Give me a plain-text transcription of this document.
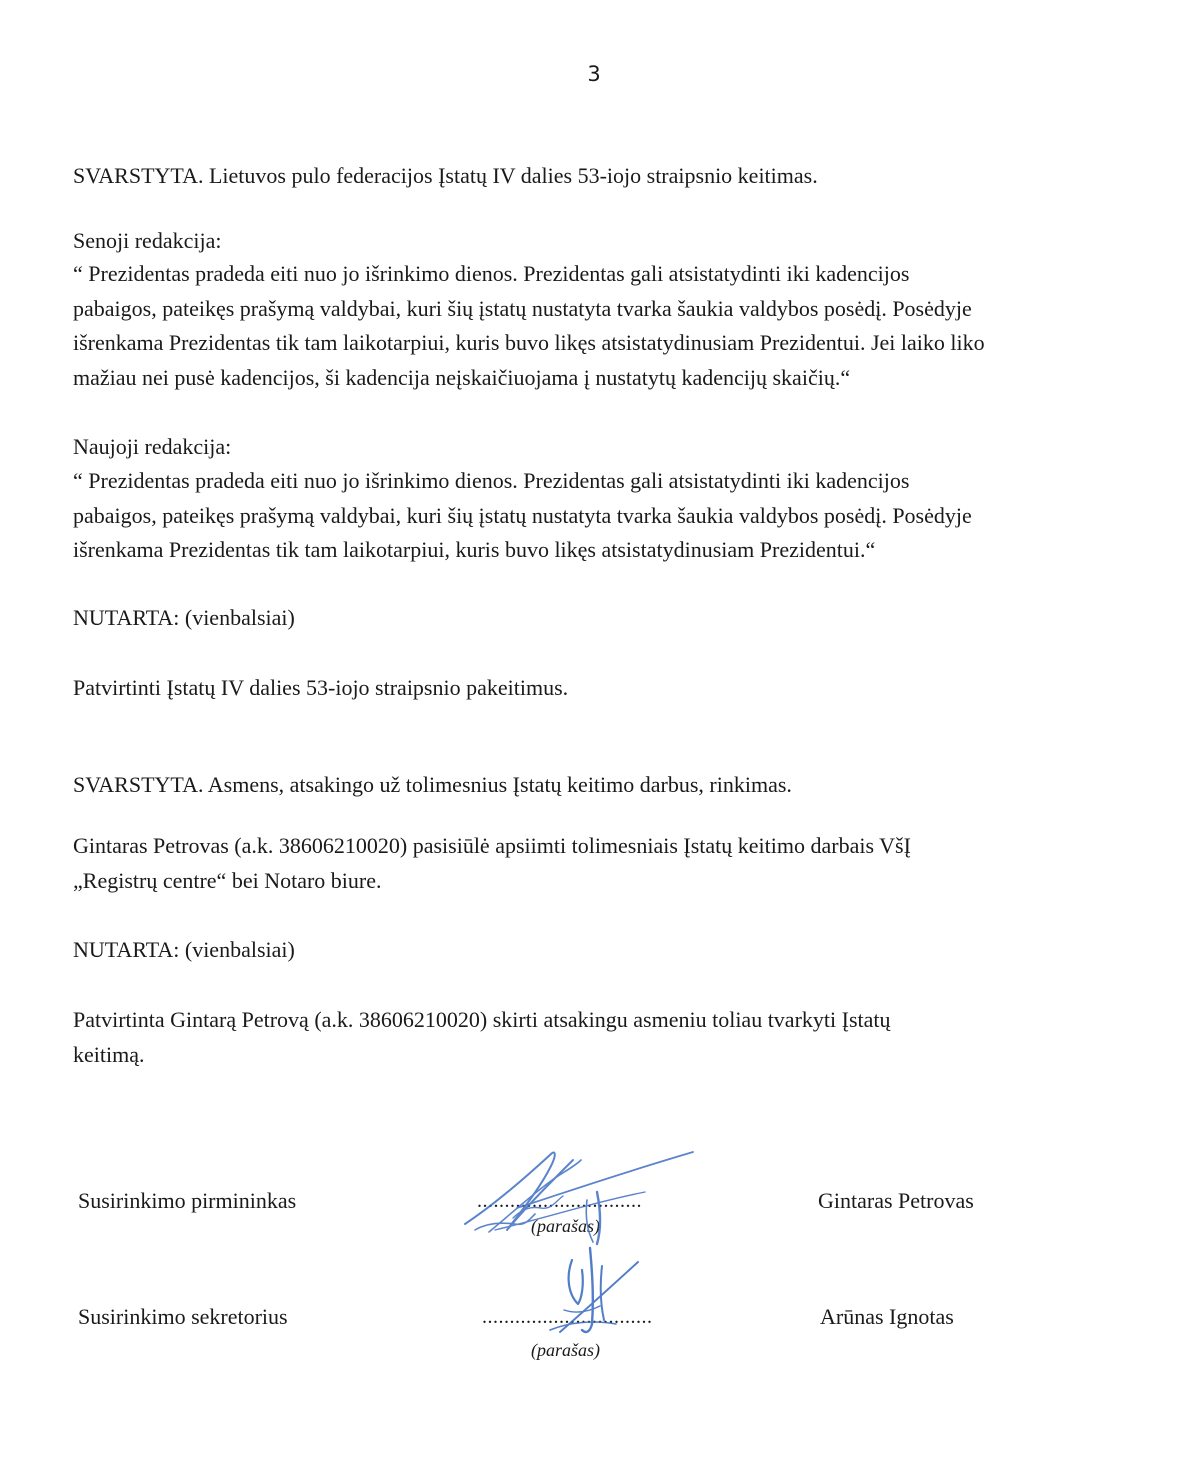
3

SVARSTYTA. Lietuvos pulo federacijos Įstatų IV dalies 53-iojo straipsnio keitimas.

Senoji redakcija:

“ Prezidentas pradeda eiti nuo jo išrinkimo dienos. Prezidentas gali atsistatydinti iki kadencijos
pabaigos, pateikęs prašymą valdybai, kuri šių įstatų nustatyta tvarka šaukia valdybos posėdį. Posėdyje
išrenkama Prezidentas tik tam laikotarpiui, kuris buvo likęs atsistatydinusiam Prezidentui. Jei laiko liko
mažiau nei pusė kadencijos, ši kadencija neįskaičiuojama į nustatytų kadencijų skaičių.“

Naujoji redakcija:

“ Prezidentas pradeda eiti nuo jo išrinkimo dienos. Prezidentas gali atsistatydinti iki kadencijos
pabaigos, pateikęs prašymą valdybai, kuri šių įstatų nustatyta tvarka šaukia valdybos posėdį. Posėdyje
išrenkama Prezidentas tik tam laikotarpiui, kuris buvo likęs atsistatydinusiam Prezidentui.“

NUTARTA: (vienbalsiai)

Patvirtinti Įstatų IV dalies 53-iojo straipsnio pakeitimus.

SVARSTYTA. Asmens, atsakingo už tolimesnius Įstatų keitimo darbus, rinkimas.

Gintaras Petrovas (a.k. 38606210020) pasisiūlė apsiimti tolimesniais Įstatų keitimo darbais VšĮ
„Registrų centre“ bei Notaro biure.

NUTARTA: (vienbalsiai)

Patvirtinta Gintarą Petrovą (a.k. 38606210020) skirti atsakingu asmeniu toliau tvarkyti Įstatų
keitimą.

Susirinkimo pirmininkas	..............................
(parašas)
Gintaras Petrovas
Susirinkimo sekretorius	...............................
(parašas)
Arūnas Ignotas
